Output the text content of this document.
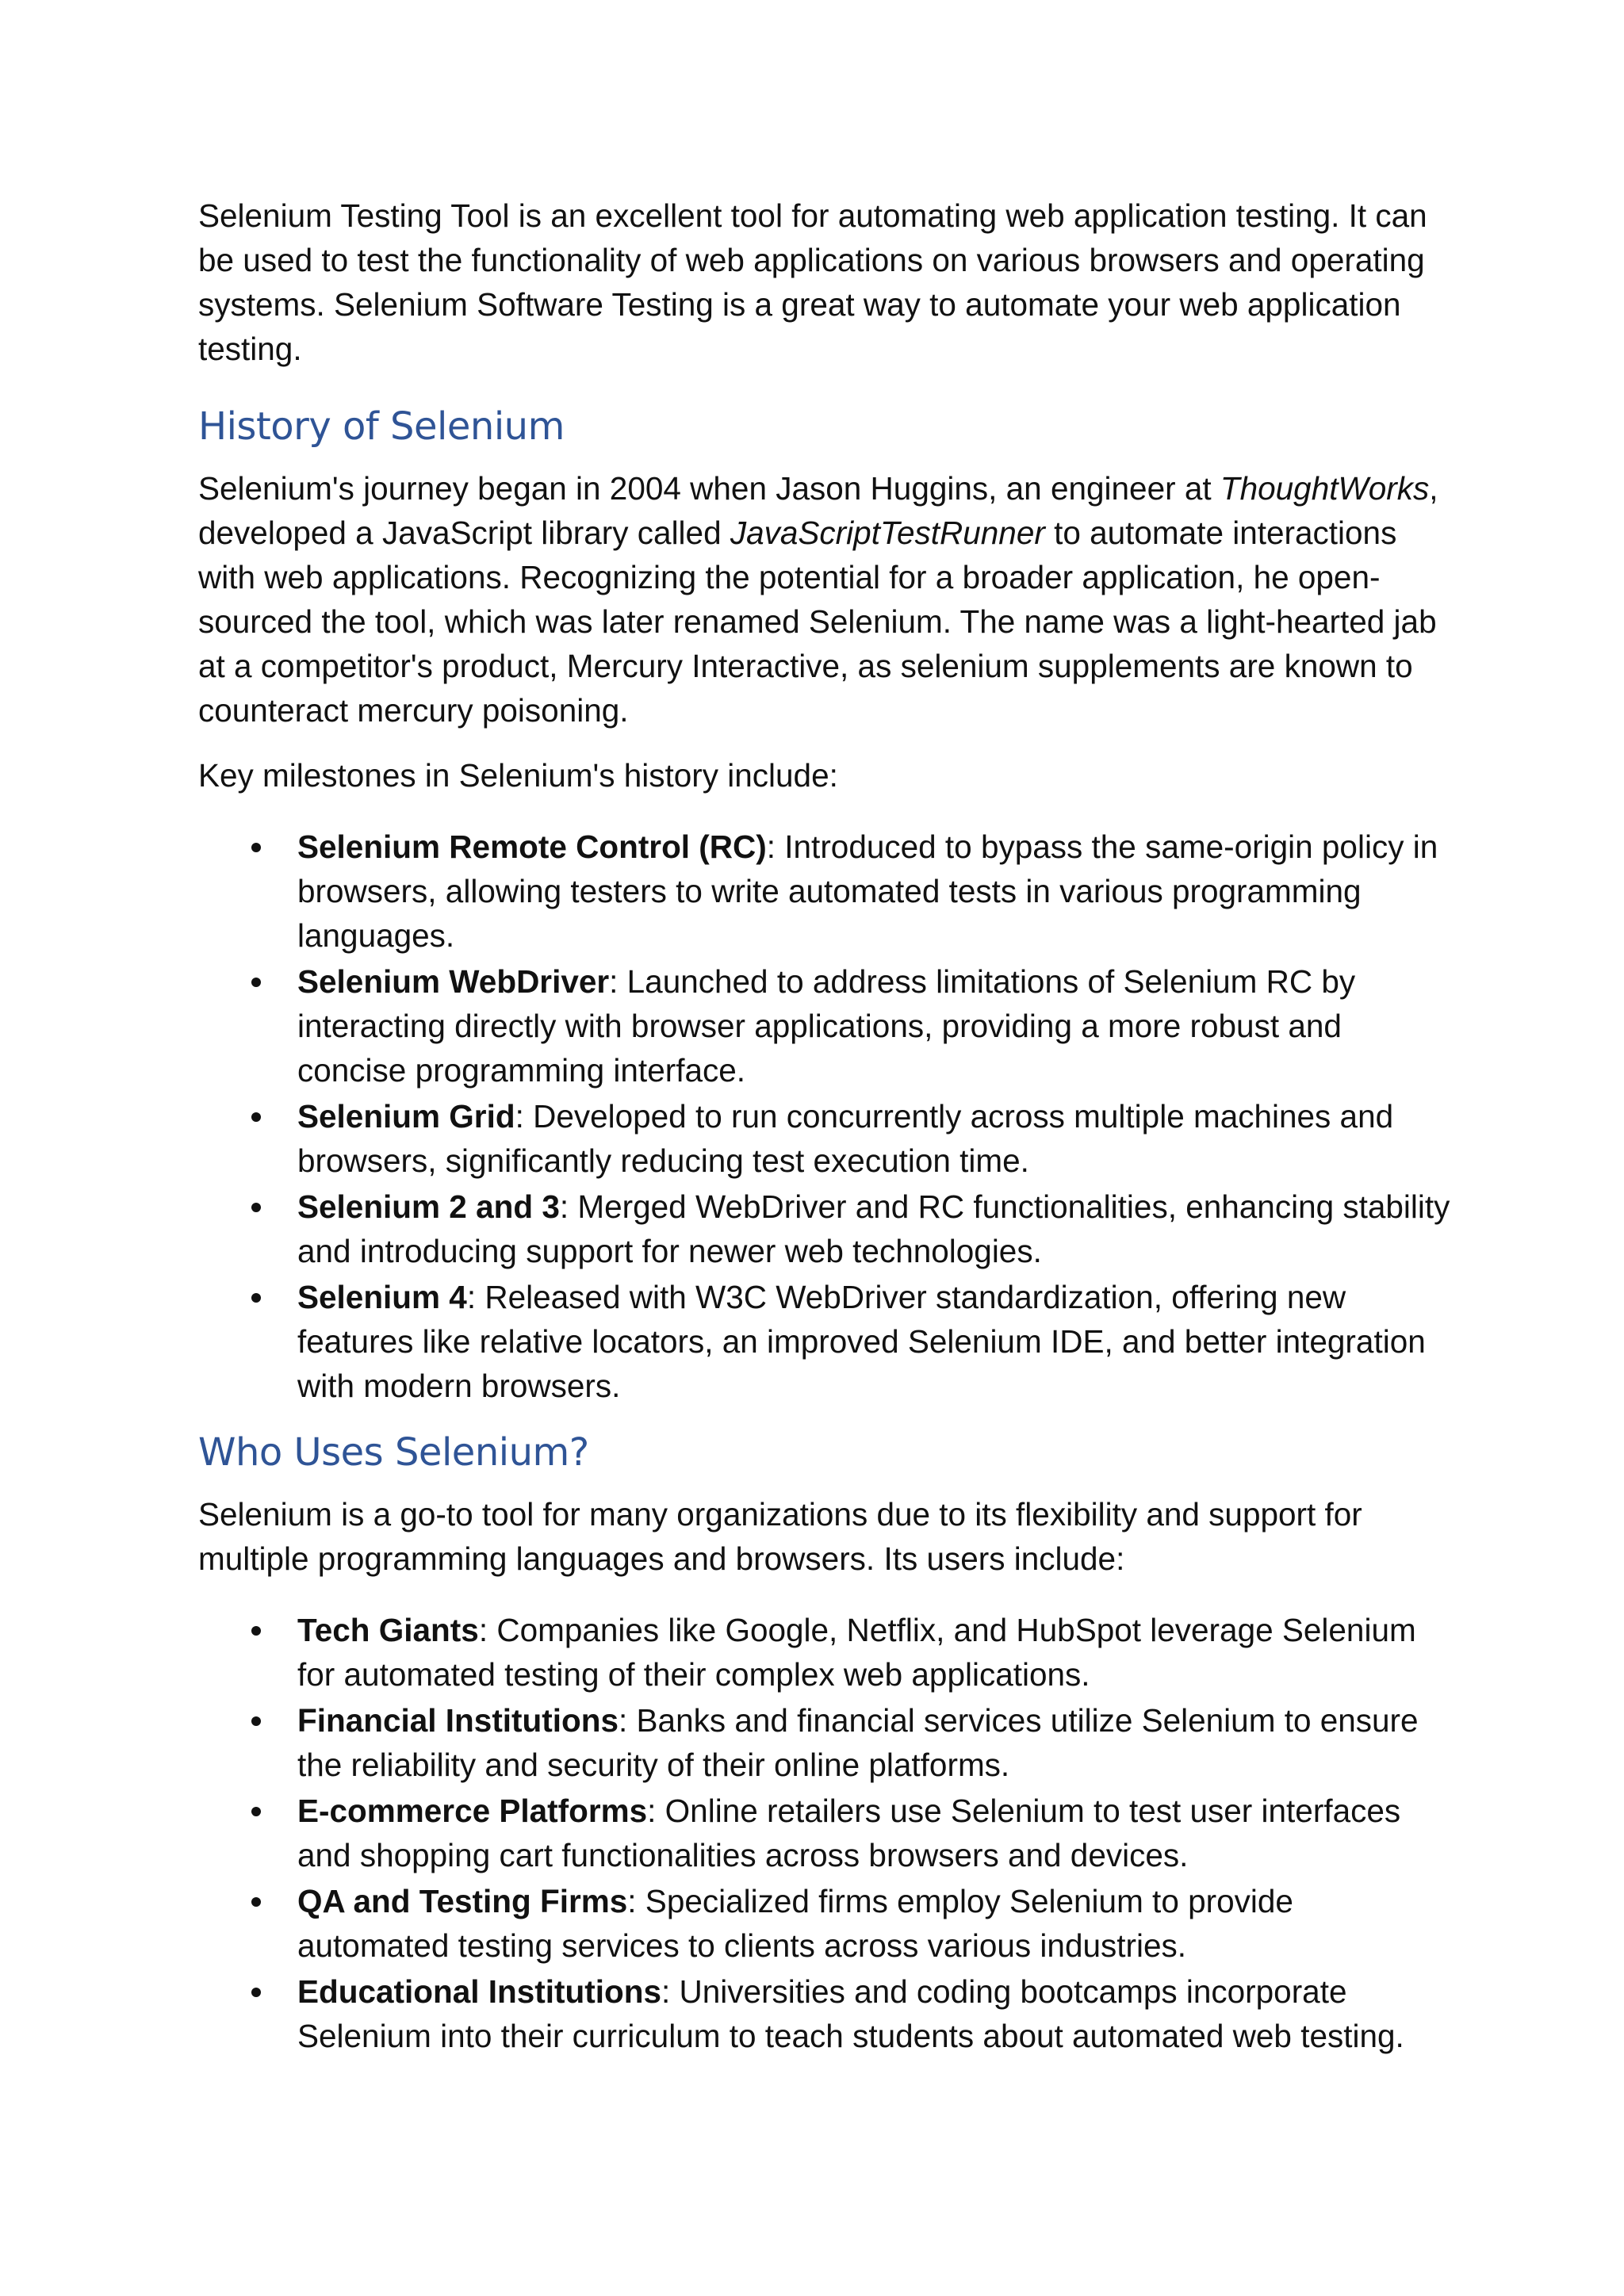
Selenium Testing Tool is an excellent tool for automating web application testing. It can be used to test the functionality of web applications on various browsers and operating systems. Selenium Software Testing is a great way to automate your web application testing.

History of Selenium

Selenium's journey began in 2004 when Jason Huggins, an engineer at ThoughtWorks, developed a JavaScript library called JavaScriptTestRunner to automate interactions with web applications. Recognizing the potential for a broader application, he open-sourced the tool, which was later renamed Selenium. The name was a light-hearted jab at a competitor's product, Mercury Interactive, as selenium supplements are known to counteract mercury poisoning.

Key milestones in Selenium's history include:

Selenium Remote Control (RC): Introduced to bypass the same-origin policy in browsers, allowing testers to write automated tests in various programming languages.
Selenium WebDriver: Launched to address limitations of Selenium RC by interacting directly with browser applications, providing a more robust and concise programming interface.
Selenium Grid: Developed to run concurrently across multiple machines and browsers, significantly reducing test execution time.
Selenium 2 and 3: Merged WebDriver and RC functionalities, enhancing stability and introducing support for newer web technologies.
Selenium 4: Released with W3C WebDriver standardization, offering new features like relative locators, an improved Selenium IDE, and better integration with modern browsers.
Who Uses Selenium?

Selenium is a go-to tool for many organizations due to its flexibility and support for multiple programming languages and browsers. Its users include:

Tech Giants: Companies like Google, Netflix, and HubSpot leverage Selenium for automated testing of their complex web applications.
Financial Institutions: Banks and financial services utilize Selenium to ensure the reliability and security of their online platforms.
E-commerce Platforms: Online retailers use Selenium to test user interfaces and shopping cart functionalities across browsers and devices.
QA and Testing Firms: Specialized firms employ Selenium to provide automated testing services to clients across various industries.
Educational Institutions: Universities and coding bootcamps incorporate Selenium into their curriculum to teach students about automated web testing.
